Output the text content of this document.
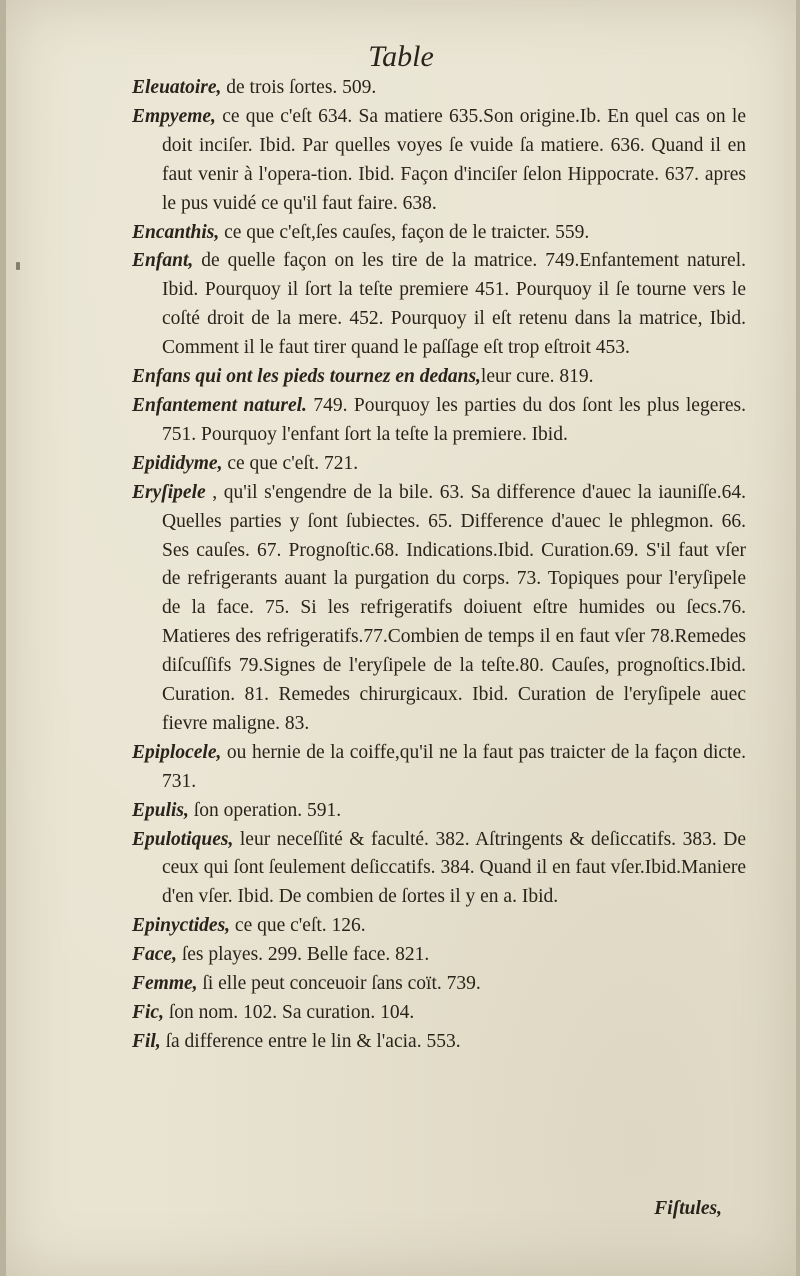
Table

Eleuatoire, de trois ſortes. 509.

Empyeme, ce que c'eſt 634. Sa matiere 635.Son origine.Ib. En quel cas on le doit inciſer. Ibid. Par quelles voyes ſe vuide ſa matiere. 636. Quand il en faut venir à l'opera-tion. Ibid. Façon d'inciſer ſelon Hippocrate. 637. apres le pus vuidé ce qu'il faut faire. 638.

Encanthis, ce que c'eſt,ſes cauſes, façon de le traicter. 559.

Enfant, de quelle façon on les tire de la matrice. 749.Enfantement naturel. Ibid. Pourquoy il ſort la teſte premiere 451. Pourquoy il ſe tourne vers le coſté droit de la mere. 452. Pourquoy il eſt retenu dans la matrice, Ibid. Comment il le faut tirer quand le paſſage eſt trop eſtroit 453.

Enfans qui ont les pieds tournez en dedans,leur cure. 819.

Enfantement naturel. 749. Pourquoy les parties du dos ſont les plus legeres. 751. Pourquoy l'enfant ſort la teſte la premiere. Ibid.

Epididyme, ce que c'eſt. 721.

Eryſipele , qu'il s'engendre de la bile. 63. Sa difference d'auec la iauniſſe.64. Quelles parties y ſont ſubiectes. 65. Difference d'auec le phlegmon. 66. Ses cauſes. 67. Prognoſtic.68. Indications.Ibid. Curation.69. S'il faut vſer de refrigerants auant la purgation du corps. 73. Topiques pour l'eryſipele de la face. 75. Si les refrigeratifs doiuent eſtre humides ou ſecs.76. Matieres des refrigeratifs.77.Combien de temps il en faut vſer 78.Remedes diſcuſſifs 79.Signes de l'eryſipele de la teſte.80. Cauſes, prognoſtics.Ibid. Curation. 81. Remedes chirurgicaux. Ibid. Curation de l'eryſipele auec fievre maligne. 83.

Epiplocele, ou hernie de la coiffe,qu'il ne la faut pas traicter de la façon dicte. 731.

Epulis, ſon operation. 591.

Epulotiques, leur neceſſité & faculté. 382. Aſtringents & deſiccatifs. 383. De ceux qui ſont ſeulement deſiccatifs. 384. Quand il en faut vſer.Ibid.Maniere d'en vſer. Ibid. De combien de ſortes il y en a. Ibid.

Epinyctides, ce que c'eſt. 126.

Face, ſes playes. 299. Belle face. 821.

Femme, ſi elle peut conceuoir ſans coït. 739.

Fic, ſon nom. 102. Sa curation. 104.

Fil, ſa difference entre le lin & l'acia. 553.

Fiſtules,
